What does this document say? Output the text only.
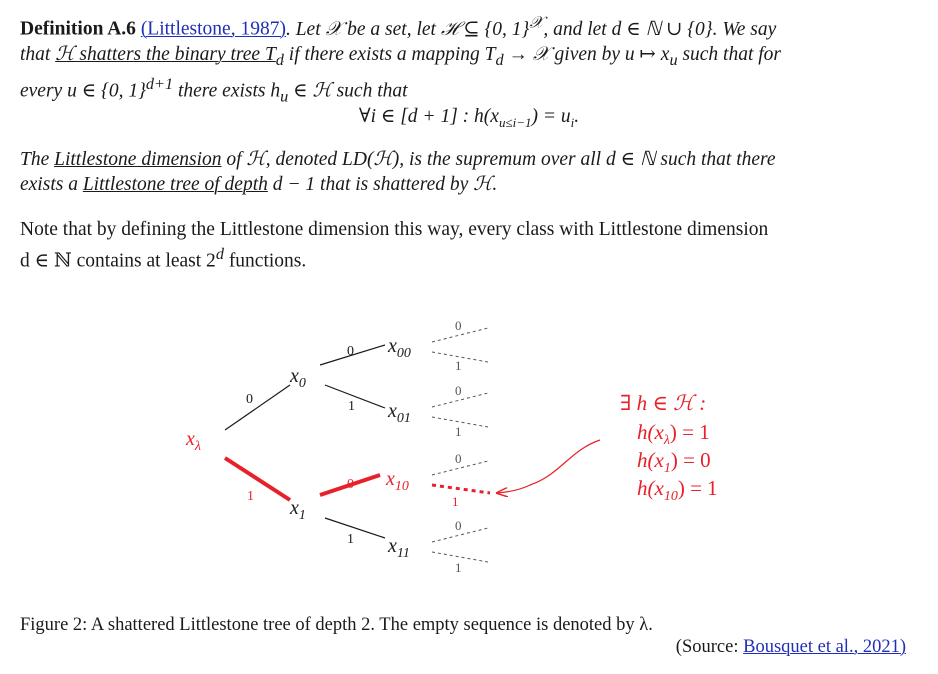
Definition A.6 (Littlestone, 1987). Let 𝒳 be a set, let ℋ ⊆ {0, 1}$^𝒳$, and let d ∈ ℕ ∪ {0}. We say
that ℋ shatters the binary tree $T_d$ if there exists a mapping $T_d$ → 𝒳 given by u ↦ $x_u$ such that for
every u ∈ {0, 1}$^{d+1}$ there exists $h_u$ ∈ ℋ such that
∀i ∈ [d + 1] : $h(x_{u\le i-1}) = u_i$.
The Littlestone dimension of ℋ, denoted LD(ℋ), is the supremum over all d ∈ ℕ such that there
exists a Littlestone tree of depth d − 1 that is shattered by ℋ.
Note that by defining the Littlestone dimension this way, every class with Littlestone dimension
d ∈ ℕ contains at least 2$^d$ functions.
$x_\lambda$
0
1
$x_0$
$x_1$
0
1
0
1
$x_{00}$
$x_{01}$
$x_{10}$
$x_{11}$
0
1
0
1
0
1
0
1
∃ h ∈ ℋ :
$h(x_\lambda) = 1$
$h(x_1) = 0$
$h(x_{10}) = 1$
Figure 2: A shattered Littlestone tree of depth 2. The empty sequence is denoted by λ.
(Source: Bousquet et al., 2021)
